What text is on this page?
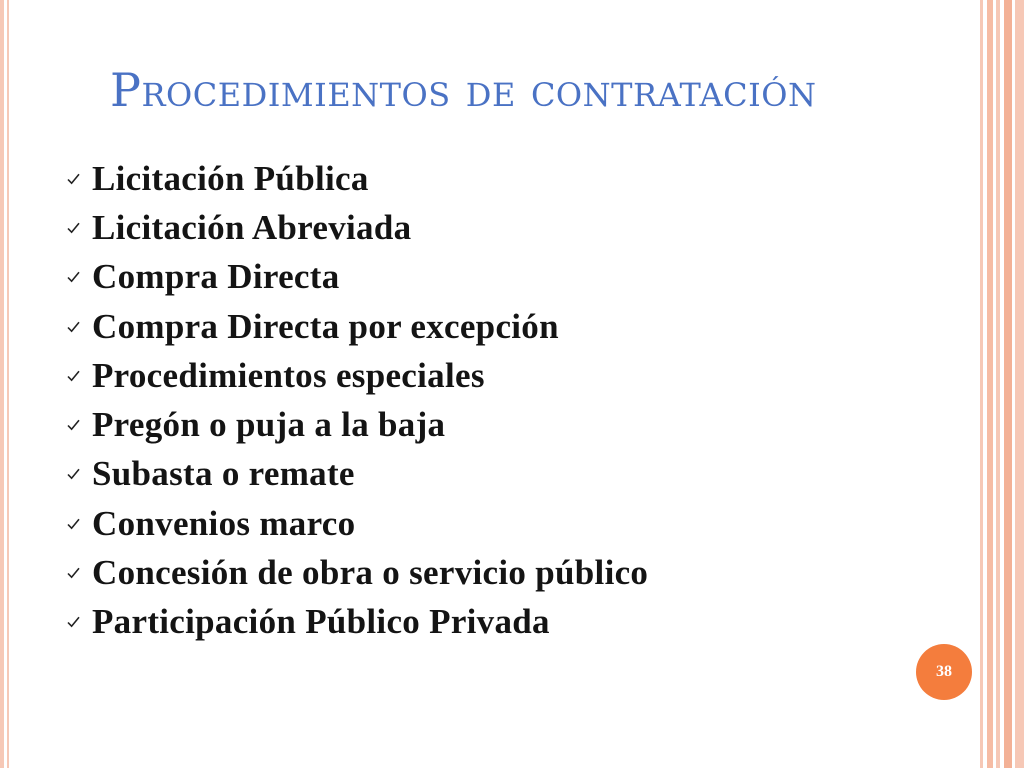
Procedimientos de contratación
Licitación Pública
Licitación Abreviada
Compra Directa
Compra Directa por excepción
Procedimientos especiales
Pregón o puja a la baja
Subasta o remate
Convenios marco
Concesión de obra o servicio público
Participación Público Privada
38
